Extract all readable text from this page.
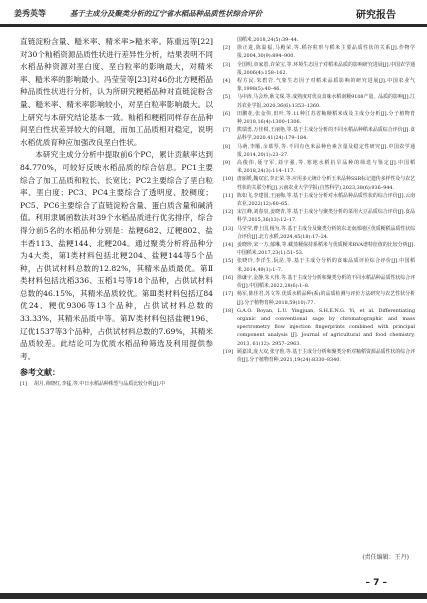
姜秀英等	基于主成分及聚类分析的辽宁省水稻品种品质性状综合评价	研究报告

直链淀粉含量、糙米率、精米率>糙米率。陈重远等[22]对30个籼稻资源品质性状进行差异性分析，结果表明不同水稻品种资源对垩白度、垩白粒率的影响最大，对精米率、糙米率的影响最小。冯莹莹等[23]对46份北方粳稻品种品质性状进行分析，认为所研究粳稻品种对直链淀粉含量、糙米率、精米率影响较小，对垩白粒率影响最大。以上研究与本研究结论基本一致。籼稻和粳稻同样存在品种间垩白性状差异较大的问题，而加工品质相对稳定，说明水稻优质育种应加强改良垩白性状。

本研究主成分分析中提取前6个PC，累计贡献率达到84.770%，可较好反映水稻品质的综合信息。PC1主要综合了加工品质和粒长、长宽比；PC2主要综合了垩白粒率、垩白度；PC3、PC4主要综合了透明度、胶稠度；PC5、PC6主要综合了直链淀粉含量、蛋白质含量和碱消值。利用隶属函数法对39个水稻品质进行优劣排序，综合得分前5名的水稻品种分别是：盐粳682、辽粳802、盐丰香113、盐粳144、北粳204。通过聚类分析将品种分为4大类，第Ⅰ类材料包括北粳204、盐粳144等5个品种，占供试材料总数的12.82%，其精米品质最优。第Ⅱ类材料包括沈稻336、玉稻1号等18个品种，占供试材料总数的46.15%，其精米品质较优。第Ⅲ类材料包括辽84优24、粳优9306等13个品种，占供试材料总数的33.33%，其精米品质中等。第Ⅳ类材料包括盐粳196、辽优1537等3个品种，占供试材料总数的7.69%，其精米品质较差。此结论可为优质水稻品种筛选及利用提供参考。

参考文献：
[1]	胡月,茆晓红,李猛,等.中日水稻品种株型与品质比较分析[J].中
国稻米,2018,24(5):39–44.
[2]	徐正进,陈温福,马殿荣,等.稻谷粒形与稻米主要品质性状的关系[J].作物学报,2004,30(9):894–900.
[3]	全国明,章家恩,许荣宝,等.环境生态因子对稻米品质的影响研究进展[J].中国农学通报,2006(4):158–162.
[4]	程方民,朱碧岩.气象生态因子对稻米品质影响的研究进展[J].中国农业气象,1998(5):40–46.
[5]	马中涛,马会珍,耿文琛,等.成熟度对优良食味水稻南粳9108产量、品质的影响[J].江苏农业学报,2020,36(6):1353–1360.
[6]	田鹏花,张金伟,田叶,等.11种江苏省籼粳稻米成及主成分分析[J].分子植物育种,2018,16(4):1300–1306.
[7]	熊瑞勇,万佳棋,王丽艳,等.基于主成分分析的不同水稻品种稻米品质综合评价[J].食品科学,2020,41(24):179–184.
[8]	马萌,李顺,余慕琴,等.不同有色米品种色素含量及稳定性研究[J].中国农学通报,2014,20(1):23–27.
[9]	高俊伟,聂守军,刘宇强,等.寒地水稻抗旱品种的筛选与鉴定[J].中国稻米,2018,24(3):114–117.
[10] 唐丽媛,魏双宏,李正荣,等.应用多元统计分析玉米品种SSR标记遗传多样性及与农艺性状的关联分析[J].云南农业大学学报(自然科学),2023,38(6):936–944.
[11] 陈如飞,李建国,王丽梅,等.基于主成分分析对水稻品种品质性状的综合评价[J].云南农业,2022(12):60–65.
[12] 宋江峰,刘春泉,姜晓青,等.基于主成分与聚类分析的菜用大豆品质综合评价[J].食品科学,2015,36(13):12–17.
[13] 马莹莹,曹士国,杨为,等.基于主成分及聚类分析的东北南部地区优质粳稻品质性状综合评价[J].北方水稻,2024,45(18):17–24.
[14] 姜晓珍,宋一方,郁琳,等.藏蒸粳保持系稻米与优质粳米RVA谱特征值的比较分析[J].中国稻米,2017,23(1):51–53.
[15] 张晓玲,李洋生,阮昆,等.基于主成分分析的食味品质评价综合评价[J].中国稻米,2014,49(1):1–7.
[16] 徐谦宇,金静,朱大伟,等.基于主成分分析和聚类分析的不同水稻品种品质性状综合评价[J].中国稻米,2022,28(6):1–8.
[17] 杨军,陈佳君,苏文等.优质水稻品种(系)的品质检测与评价方法研究与农艺性状分析[J].分子植物育种,2018,59(10):77.
[18] G.A.O. Boyan, L.U. Yingjuan, S.H.E.N.G. Yi, et al. Differentiating organic and conventional sage by chromatographic and mass spectrometry flow injection fingerprints combined with principal component analysis [J]. Journal of agricultural and food chemistry, 2013, 61(12): 2957–2963.
[19] 顾嘉岚,庞大双,张守鲁,等.基于主成分分析和聚类分析对籼稻资源品质性状的综合评价[J].分子植物育种,2021,19(24):8330–8340.
(责任编辑：王丹)
– 7 –
